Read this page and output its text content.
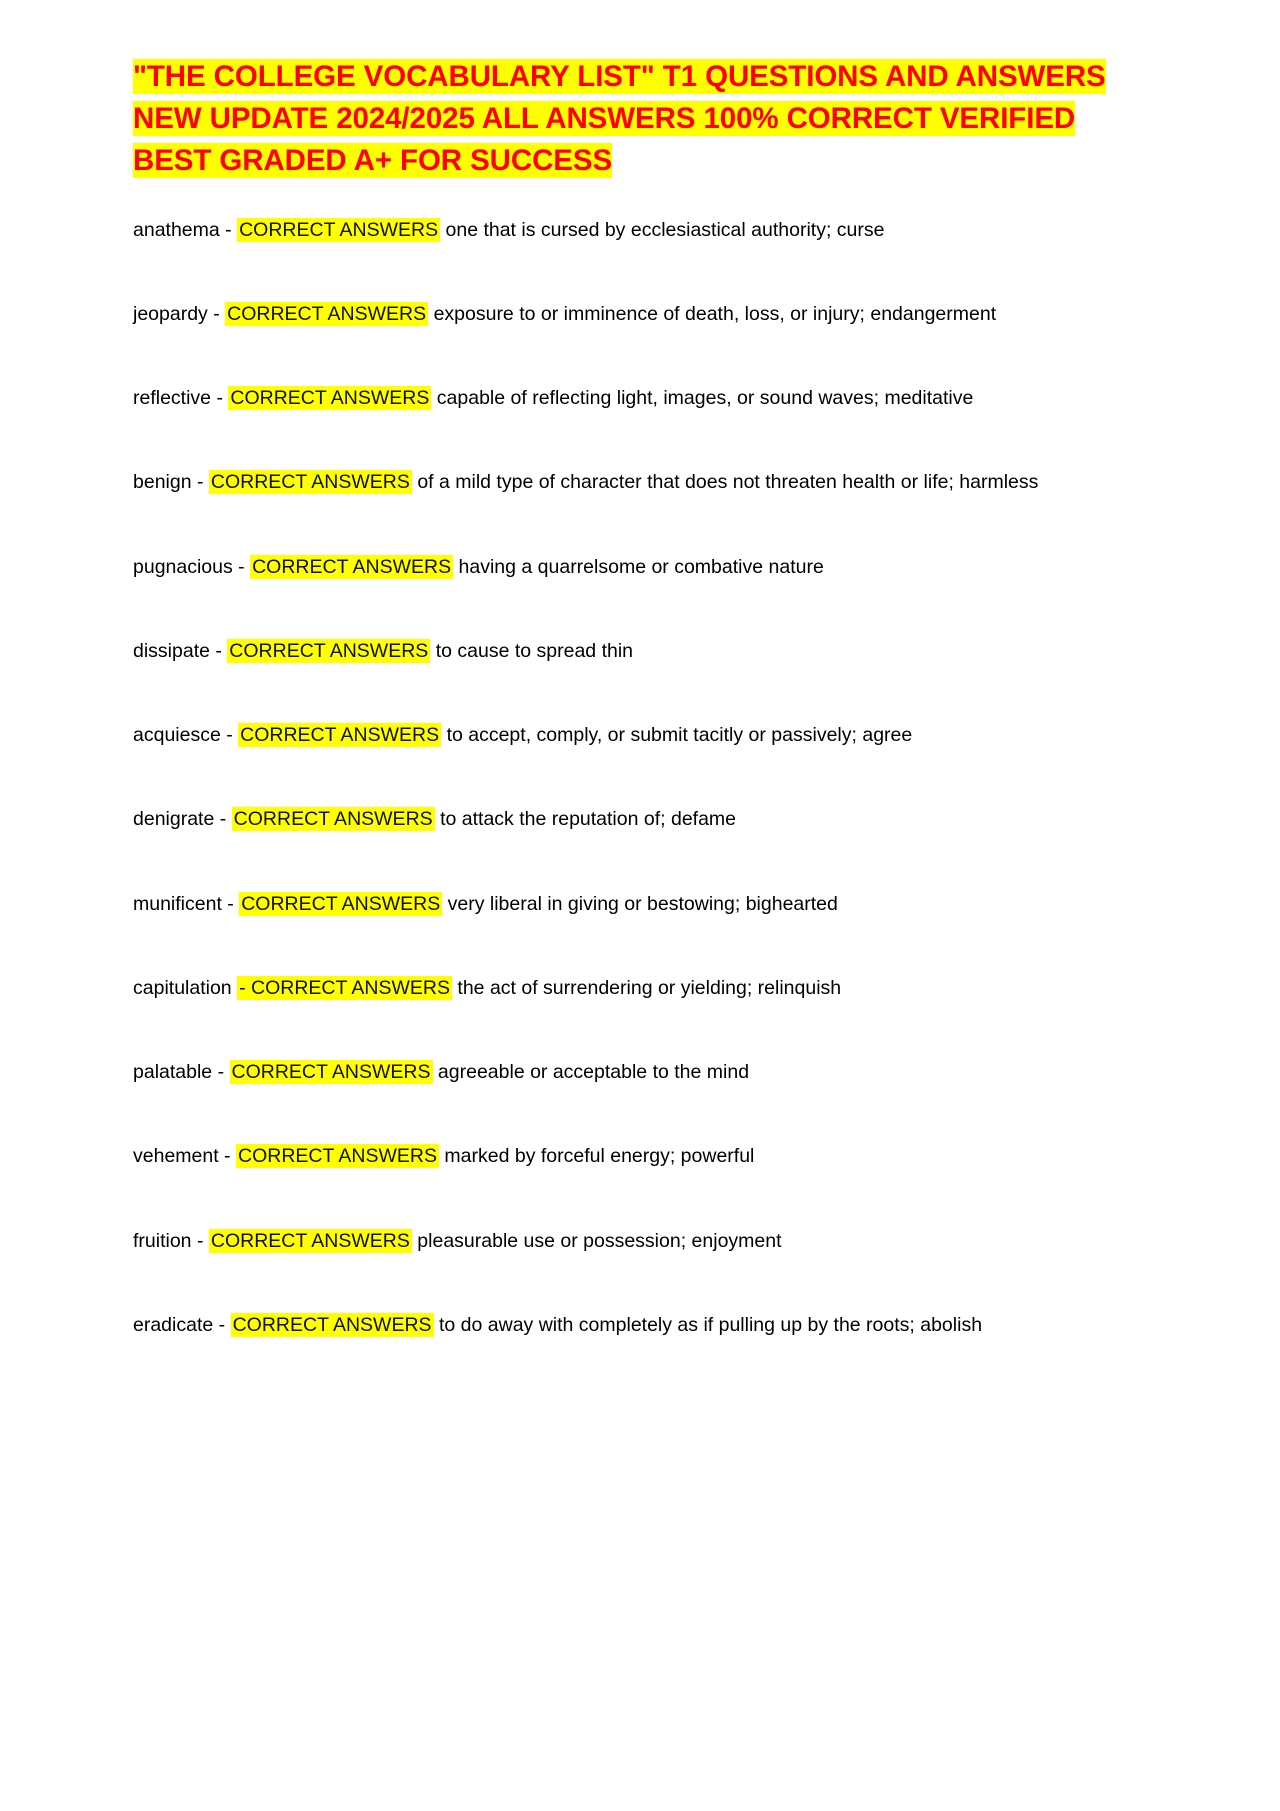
"THE COLLEGE VOCABULARY LIST" T1 QUESTIONS AND ANSWERS NEW UPDATE 2024/2025 ALL ANSWERS 100% CORRECT VERIFIED BEST GRADED A+ FOR SUCCESS

anathema - CORRECT ANSWERS one that is cursed by ecclesiastical authority; curse

jeopardy - CORRECT ANSWERS exposure to or imminence of death, loss, or injury; endangerment

reflective - CORRECT ANSWERS capable of reflecting light, images, or sound waves; meditative

benign - CORRECT ANSWERS of a mild type of character that does not threaten health or life; harmless

pugnacious - CORRECT ANSWERS having a quarrelsome or combative nature

dissipate - CORRECT ANSWERS to cause to spread thin

acquiesce - CORRECT ANSWERS to accept, comply, or submit tacitly or passively; agree

denigrate - CORRECT ANSWERS to attack the reputation of; defame

munificent - CORRECT ANSWERS very liberal in giving or bestowing; bighearted

capitulation - CORRECT ANSWERS the act of surrendering or yielding; relinquish

palatable - CORRECT ANSWERS agreeable or acceptable to the mind

vehement - CORRECT ANSWERS marked by forceful energy; powerful

fruition - CORRECT ANSWERS pleasurable use or possession; enjoyment

eradicate - CORRECT ANSWERS to do away with completely as if pulling up by the roots; abolish
